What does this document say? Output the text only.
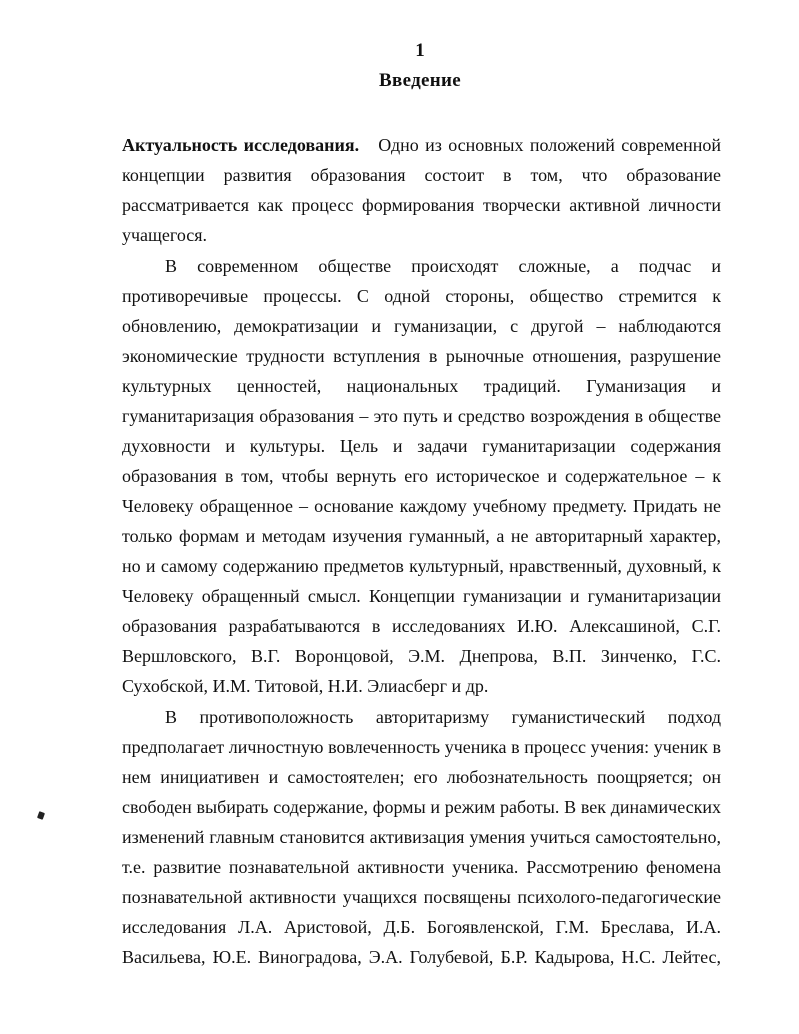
1
Введение
Актуальность исследования. Одно из основных положений современной
концепции развития образования состоит в том, что образование
рассматривается как процесс формирования творчески активной личности
учащегося.
В современном обществе происходят сложные, а подчас и
противоречивые процессы. С одной стороны, общество стремится к
обновлению, демократизации и гуманизации, с другой – наблюдаются
экономические трудности вступления в рыночные отношения, разрушение
культурных ценностей, национальных традиций. Гуманизация и
гуманитаризация образования – это путь и средство возрождения в обществе
духовности и культуры. Цель и задачи гуманитаризации содержания
образования в том, чтобы вернуть его историческое и содержательное – к
Человеку обращенное – основание каждому учебному предмету. Придать не
только формам и методам изучения гуманный, а не авторитарный характер,
но и самому содержанию предметов культурный, нравственный, духовный, к
Человеку обращенный смысл. Концепции гуманизации и гуманитаризации
образования разрабатываются в исследованиях И.Ю. Алексашиной, С.Г.
Вершловского, В.Г. Воронцовой, Э.М. Днепрова, В.П. Зинченко, Г.С.
Сухобской, И.М. Титовой, Н.И. Элиасберг и др.
В противоположность авторитаризму гуманистический подход
предполагает личностную вовлеченность ученика в процесс учения: ученик в
нем инициативен и самостоятелен; его любознательность поощряется; он
свободен выбирать содержание, формы и режим работы. В век динамических
изменений главным становится активизация умения учиться самостоятельно,
т.е. развитие познавательной активности ученика. Рассмотрению феномена
познавательной активности учащихся посвящены психолого-педагогические
исследования Л.А. Аристовой, Д.Б. Богоявленской, Г.М. Бреслава, И.А.
Васильева, Ю.Е. Виноградова, Э.А. Голубевой, Б.Р. Кадырова, Н.С. Лейтес,
